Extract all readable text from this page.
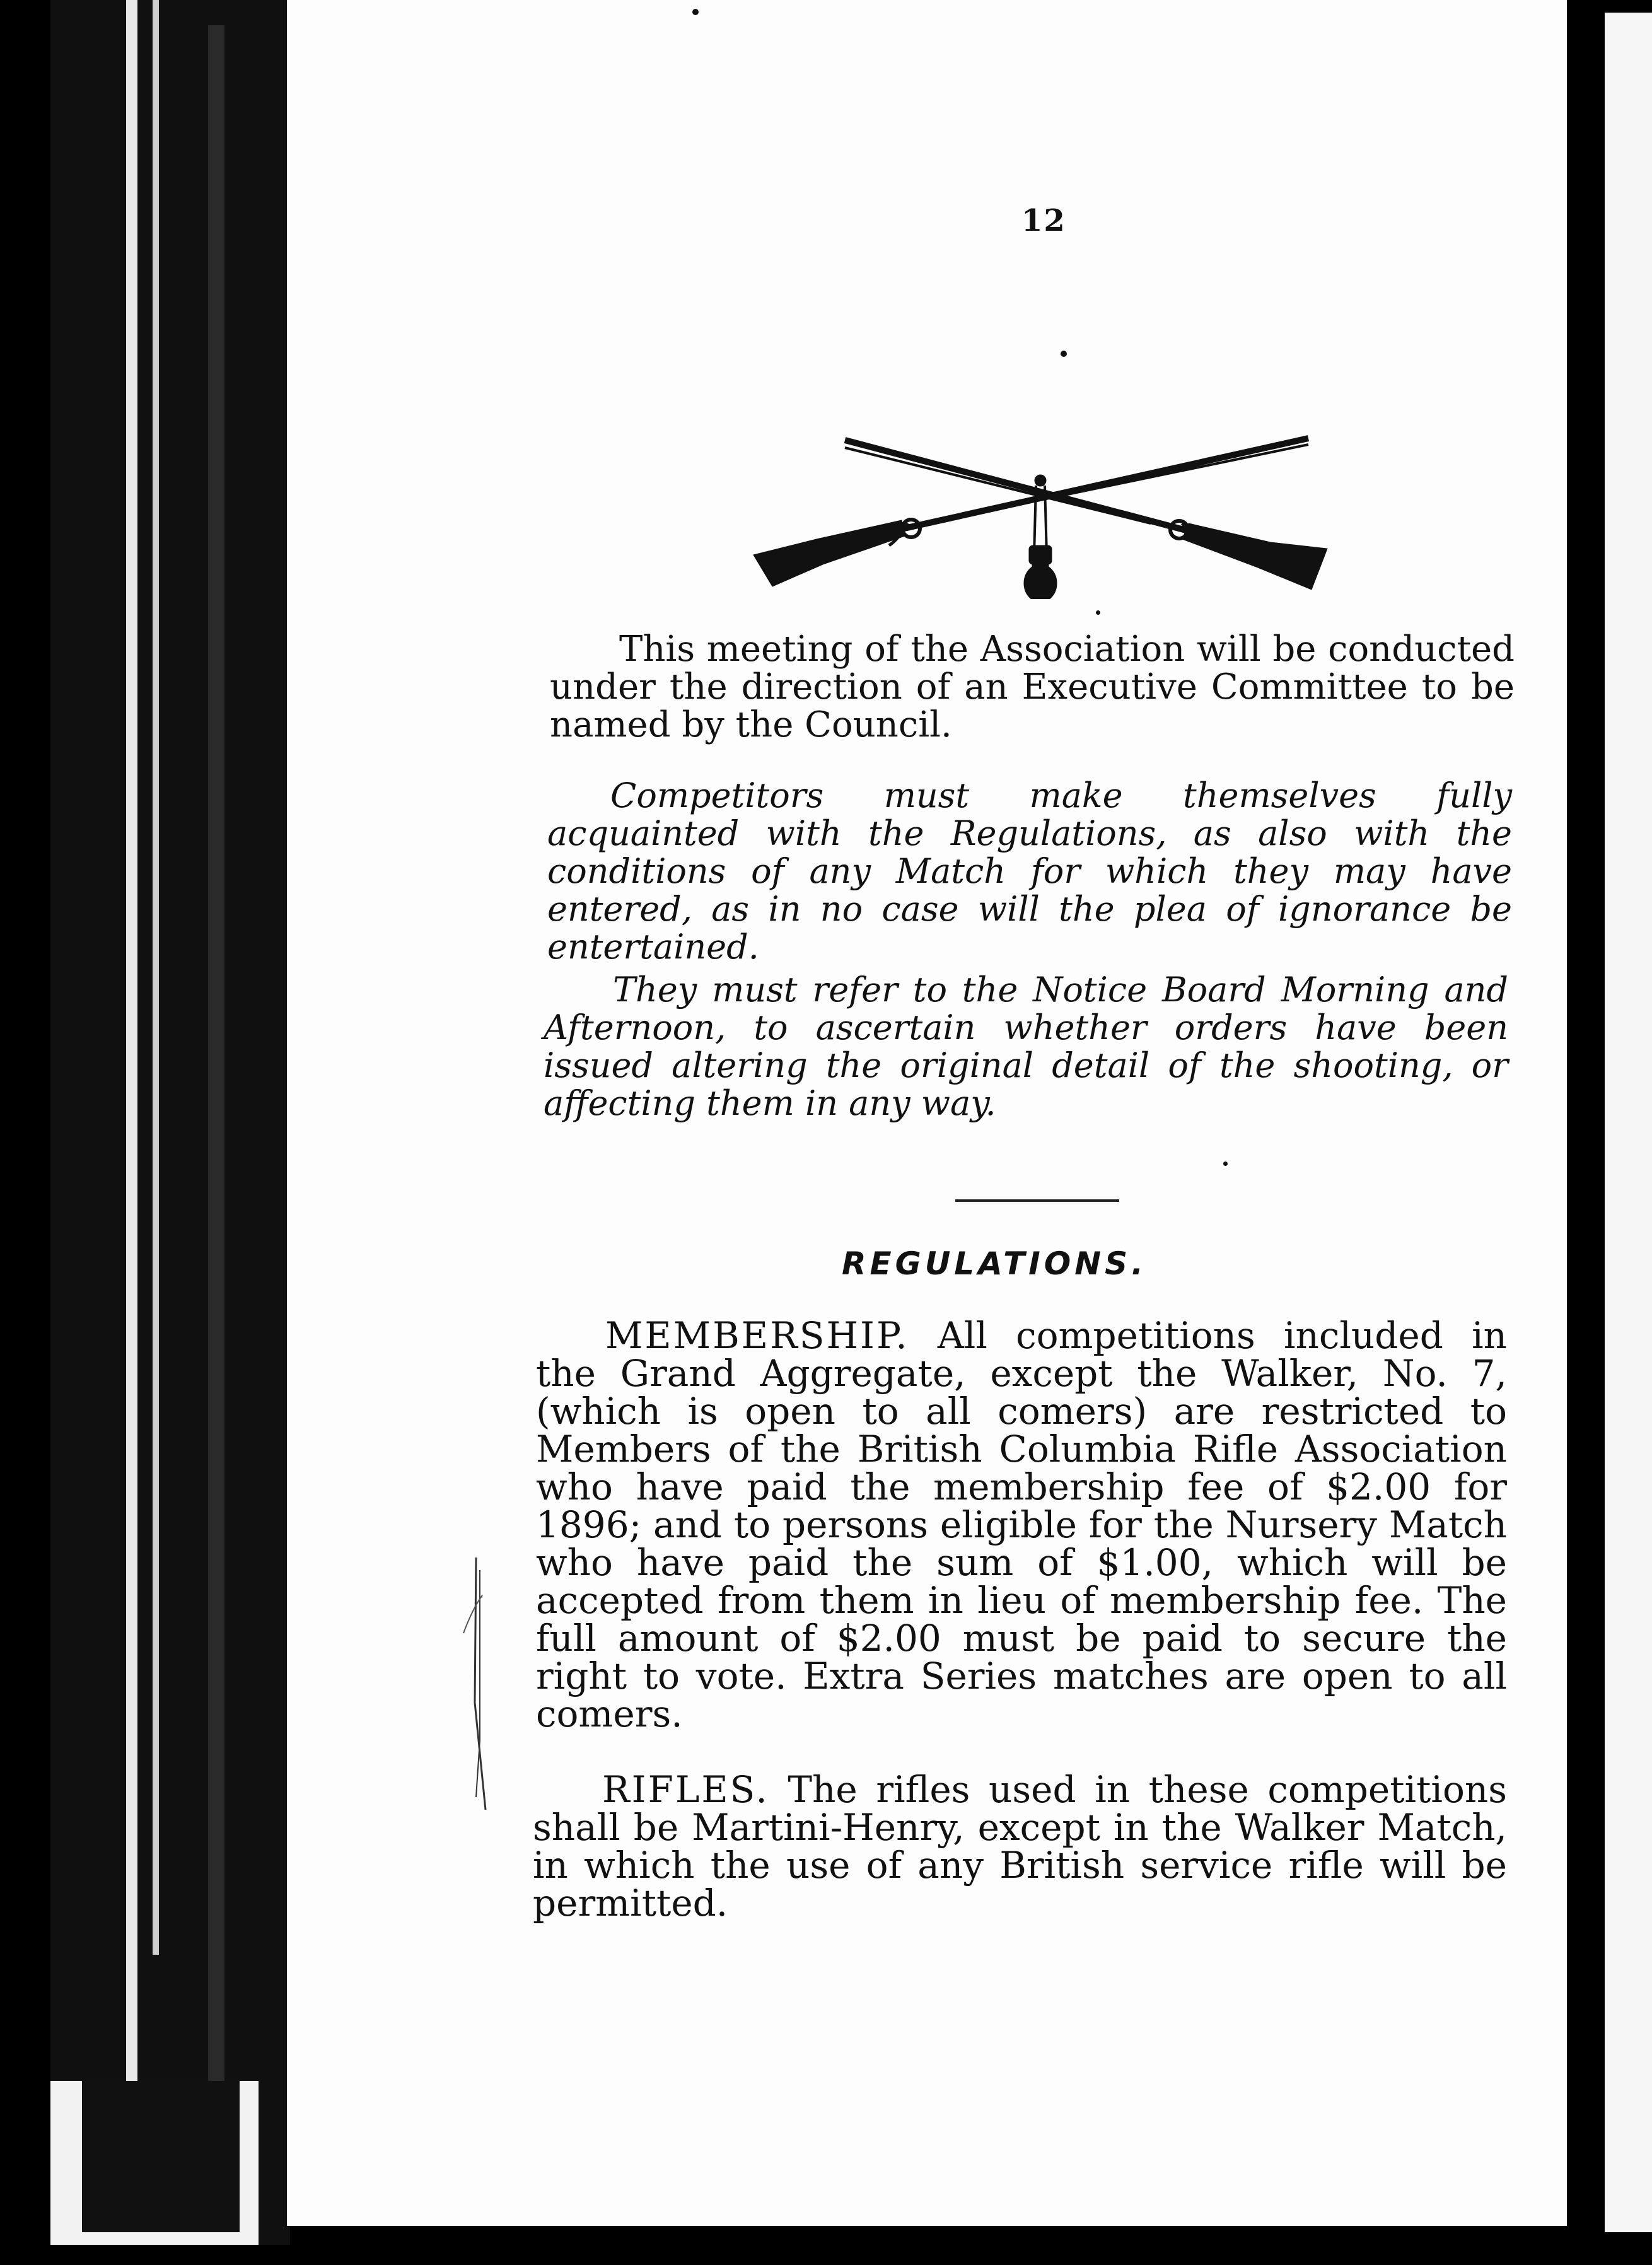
12

This meeting of the Association will be conducted under the direction of an Executive Committee to be named by the Council.

Competitors must make themselves fully acquainted with the Regulations, as also with the conditions of any Match for which they may have entered, as in no case will the plea of ignorance be entertained.

They must refer to the Notice Board Morning and Afternoon, to ascertain whether orders have been issued altering the original detail of the shooting, or affecting them in any way.

REGULATIONS.

MEMBERSHIP. All competitions included in the Grand Aggregate, except the Walker, No. 7, (which is open to all comers) are restricted to Members of the British Columbia Rifle Association who have paid the membership fee of $2.00 for 1896; and to persons eligible for the Nursery Match who have paid the sum of $1.00, which will be accepted from them in lieu of membership fee. The full amount of $2.00 must be paid to secure the right to vote. Extra Series matches are open to all comers.

RIFLES. The rifles used in these competitions shall be Martini-Henry, except in the Walker Match, in which the use of any British service rifle will be permitted.
